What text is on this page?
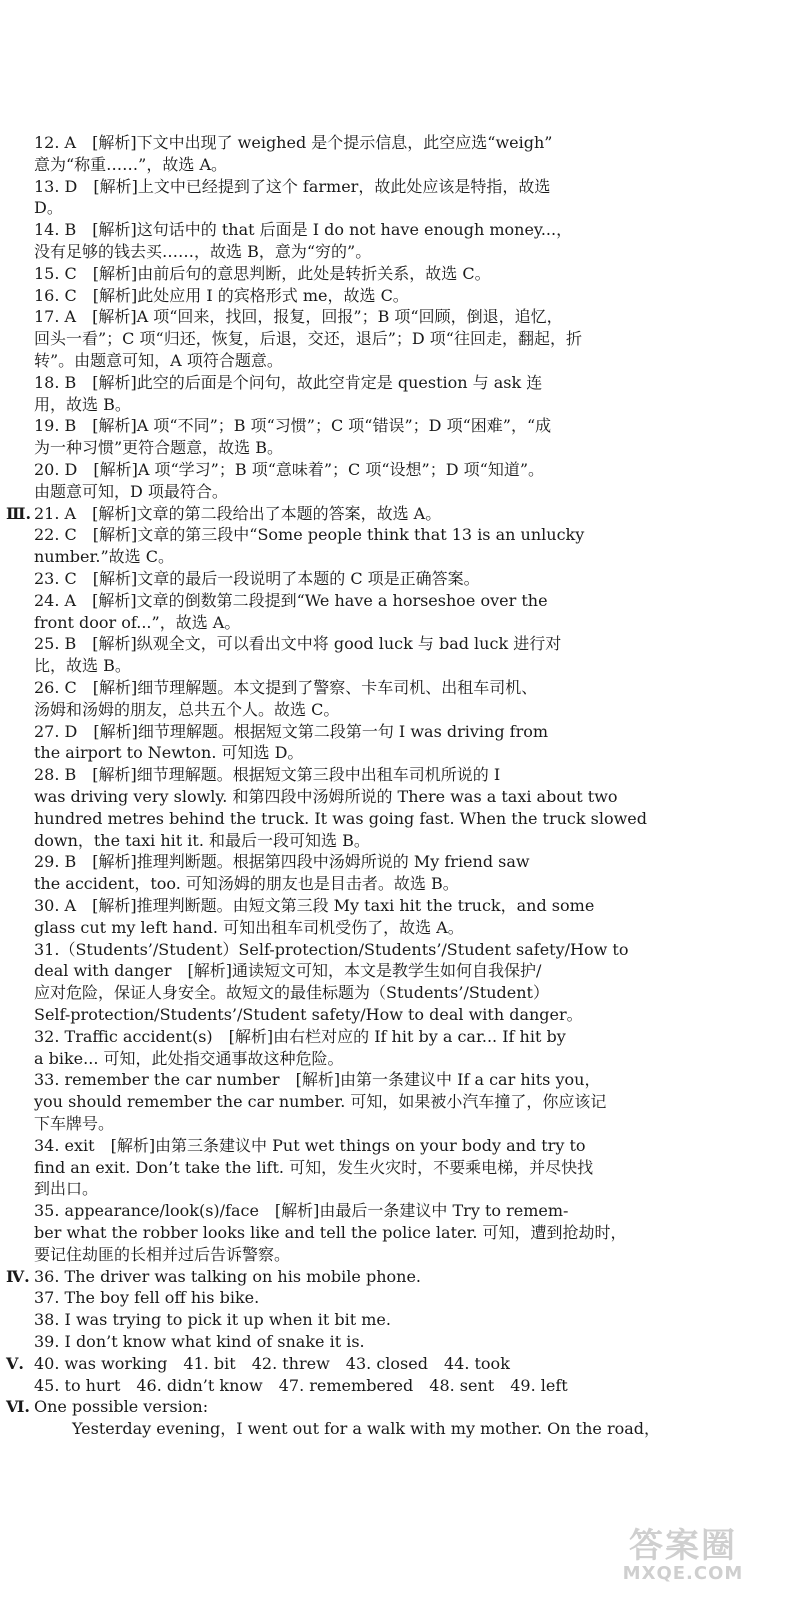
12. A　[解析]下文中出现了 weighed 是个提示信息，此空应选“weigh”
意为“称重……”，故选 A。
13. D　[解析]上文中已经提到了这个 farmer，故此处应该是特指，故选
D。
14. B　[解析]这句话中的 that 后面是 I do not have enough money...，
没有足够的钱去买……，故选 B，意为“穷的”。
15. C　[解析]由前后句的意思判断，此处是转折关系，故选 C。
16. C　[解析]此处应用 I 的宾格形式 me，故选 C。
17. A　[解析]A 项“回来，找回，报复，回报”；B 项“回顾，倒退，追忆，
回头一看”；C 项“归还，恢复，后退，交还，退后”；D 项“往回走，翻起，折
转”。由题意可知，A 项符合题意。
18. B　[解析]此空的后面是个问句，故此空肯定是 question 与 ask 连
用，故选 B。
19. B　[解析]A 项“不同”；B 项“习惯”；C 项“错误”；D 项“困难”，“成
为一种习惯”更符合题意，故选 B。
20. D　[解析]A 项“学习”；B 项“意味着”；C 项“设想”；D 项“知道”。
由题意可知，D 项最符合。
Ⅲ. 21. A　[解析]文章的第二段给出了本题的答案，故选 A。
22. C　[解析]文章的第三段中“Some people think that 13 is an unlucky
number.”故选 C。
23. C　[解析]文章的最后一段说明了本题的 C 项是正确答案。
24. A　[解析]文章的倒数第二段提到“We have a horseshoe over the
front door of...”，故选 A。
25. B　[解析]纵观全文，可以看出文中将 good luck 与 bad luck 进行对
比，故选 B。
26. C　[解析]细节理解题。本文提到了警察、卡车司机、出租车司机、
汤姆和汤姆的朋友，总共五个人。故选 C。
27. D　[解析]细节理解题。根据短文第二段第一句 I was driving from
the airport to Newton. 可知选 D。
28. B　[解析]细节理解题。根据短文第三段中出租车司机所说的 I
was driving very slowly. 和第四段中汤姆所说的 There was a taxi about two
hundred metres behind the truck. It was going fast. When the truck slowed
down，the taxi hit it. 和最后一段可知选 B。
29. B　[解析]推理判断题。根据第四段中汤姆所说的 My friend saw
the accident，too. 可知汤姆的朋友也是目击者。故选 B。
30. A　[解析]推理判断题。由短文第三段 My taxi hit the truck，and some
glass cut my left hand. 可知出租车司机受伤了，故选 A。
31.（Students’/Student）Self-protection/Students’/Student safety/How to
deal with danger　[解析]通读短文可知，本文是教学生如何自我保护/
应对危险，保证人身安全。故短文的最佳标题为（Students’/Student）
Self-protection/Students’/Student safety/How to deal with danger。
32. Traffic accident(s)　[解析]由右栏对应的 If hit by a car... If hit by
a bike... 可知，此处指交通事故这种危险。
33. remember the car number　[解析]由第一条建议中 If a car hits you，
you should remember the car number. 可知，如果被小汽车撞了，你应该记
下车牌号。
34. exit　[解析]由第三条建议中 Put wet things on your body and try to
find an exit. Don’t take the lift. 可知，发生火灾时，不要乘电梯，并尽快找
到出口。
35. appearance/look(s)/face　[解析]由最后一条建议中 Try to remem-
ber what the robber looks like and tell the police later. 可知，遭到抢劫时，
要记住劫匪的长相并过后告诉警察。
Ⅳ. 36. The driver was talking on his mobile phone.
37. The boy fell off his bike.
38. I was trying to pick it up when it bit me.
39. I don’t know what kind of snake it is.
Ⅴ. 40. was working　41. bit　42. threw　43. closed　44. took
45. to hurt　46. didn’t know　47. remembered　48. sent　49. left
Ⅵ. One possible version:
Yesterday evening，I went out for a walk with my mother. On the road，
答案圈
MXQE.COM
